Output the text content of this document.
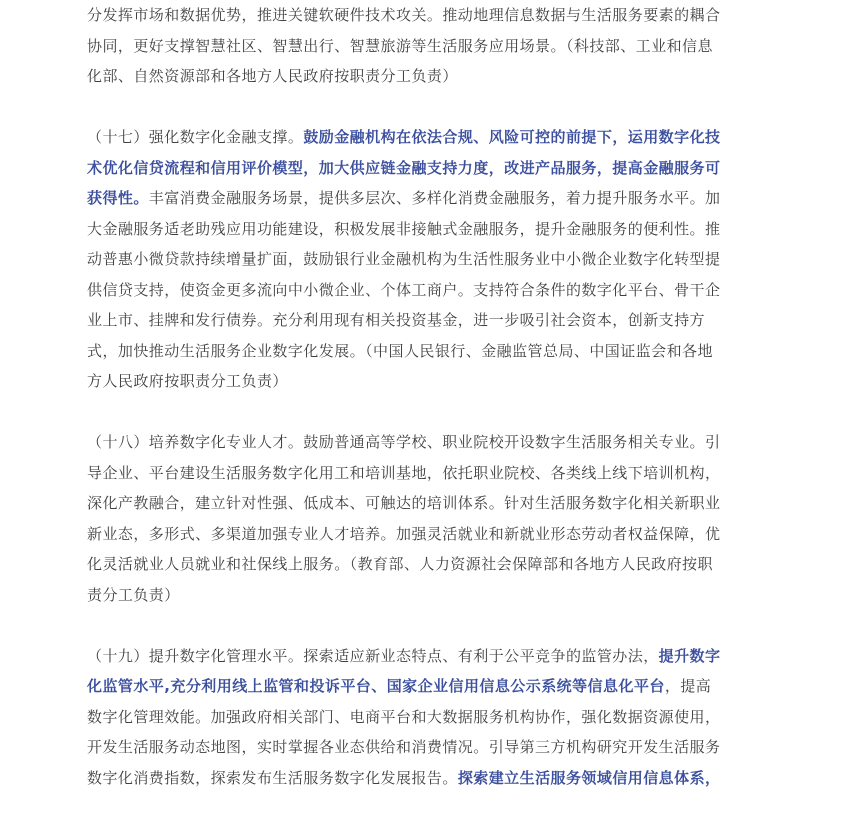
分发挥市场和数据优势，推进关键软硬件技术攻关。推动地理信息数据与生活服务要素的耦合
协同，更好支撑智慧社区、智慧出行、智慧旅游等生活服务应用场景。（科技部、工业和信息
化部、自然资源部和各地方人民政府按职责分工负责）

（十七）强化数字化金融支撑。鼓励金融机构在依法合规、风险可控的前提下，运用数字化技
术优化信贷流程和信用评价模型，加大供应链金融支持力度，改进产品服务，提高金融服务可
获得性。丰富消费金融服务场景，提供多层次、多样化消费金融服务，着力提升服务水平。加
大金融服务适老助残应用功能建设，积极发展非接触式金融服务，提升金融服务的便利性。推
动普惠小微贷款持续增量扩面，鼓励银行业金融机构为生活性服务业中小微企业数字化转型提
供信贷支持，使资金更多流向中小微企业、个体工商户。支持符合条件的数字化平台、骨干企
业上市、挂牌和发行债券。充分利用现有相关投资基金，进一步吸引社会资本，创新支持方
式，加快推动生活服务企业数字化发展。（中国人民银行、金融监管总局、中国证监会和各地
方人民政府按职责分工负责）

（十八）培养数字化专业人才。鼓励普通高等学校、职业院校开设数字生活服务相关专业。引
导企业、平台建设生活服务数字化用工和培训基地，依托职业院校、各类线上线下培训机构，
深化产教融合，建立针对性强、低成本、可触达的培训体系。针对生活服务数字化相关新职业
新业态，多形式、多渠道加强专业人才培养。加强灵活就业和新就业形态劳动者权益保障，优
化灵活就业人员就业和社保线上服务。（教育部、人力资源社会保障部和各地方人民政府按职
责分工负责）

（十九）提升数字化管理水平。探索适应新业态特点、有利于公平竞争的监管办法，提升数字
化监管水平,充分利用线上监管和投诉平台、国家企业信用信息公示系统等信息化平台，提高
数字化管理效能。加强政府相关部门、电商平台和大数据服务机构协作，强化数据资源使用，
开发生活服务动态地图，实时掌握各业态供给和消费情况。引导第三方机构研究开发生活服务
数字化消费指数，探索发布生活服务数字化发展报告。探索建立生活服务领域信用信息体系，
